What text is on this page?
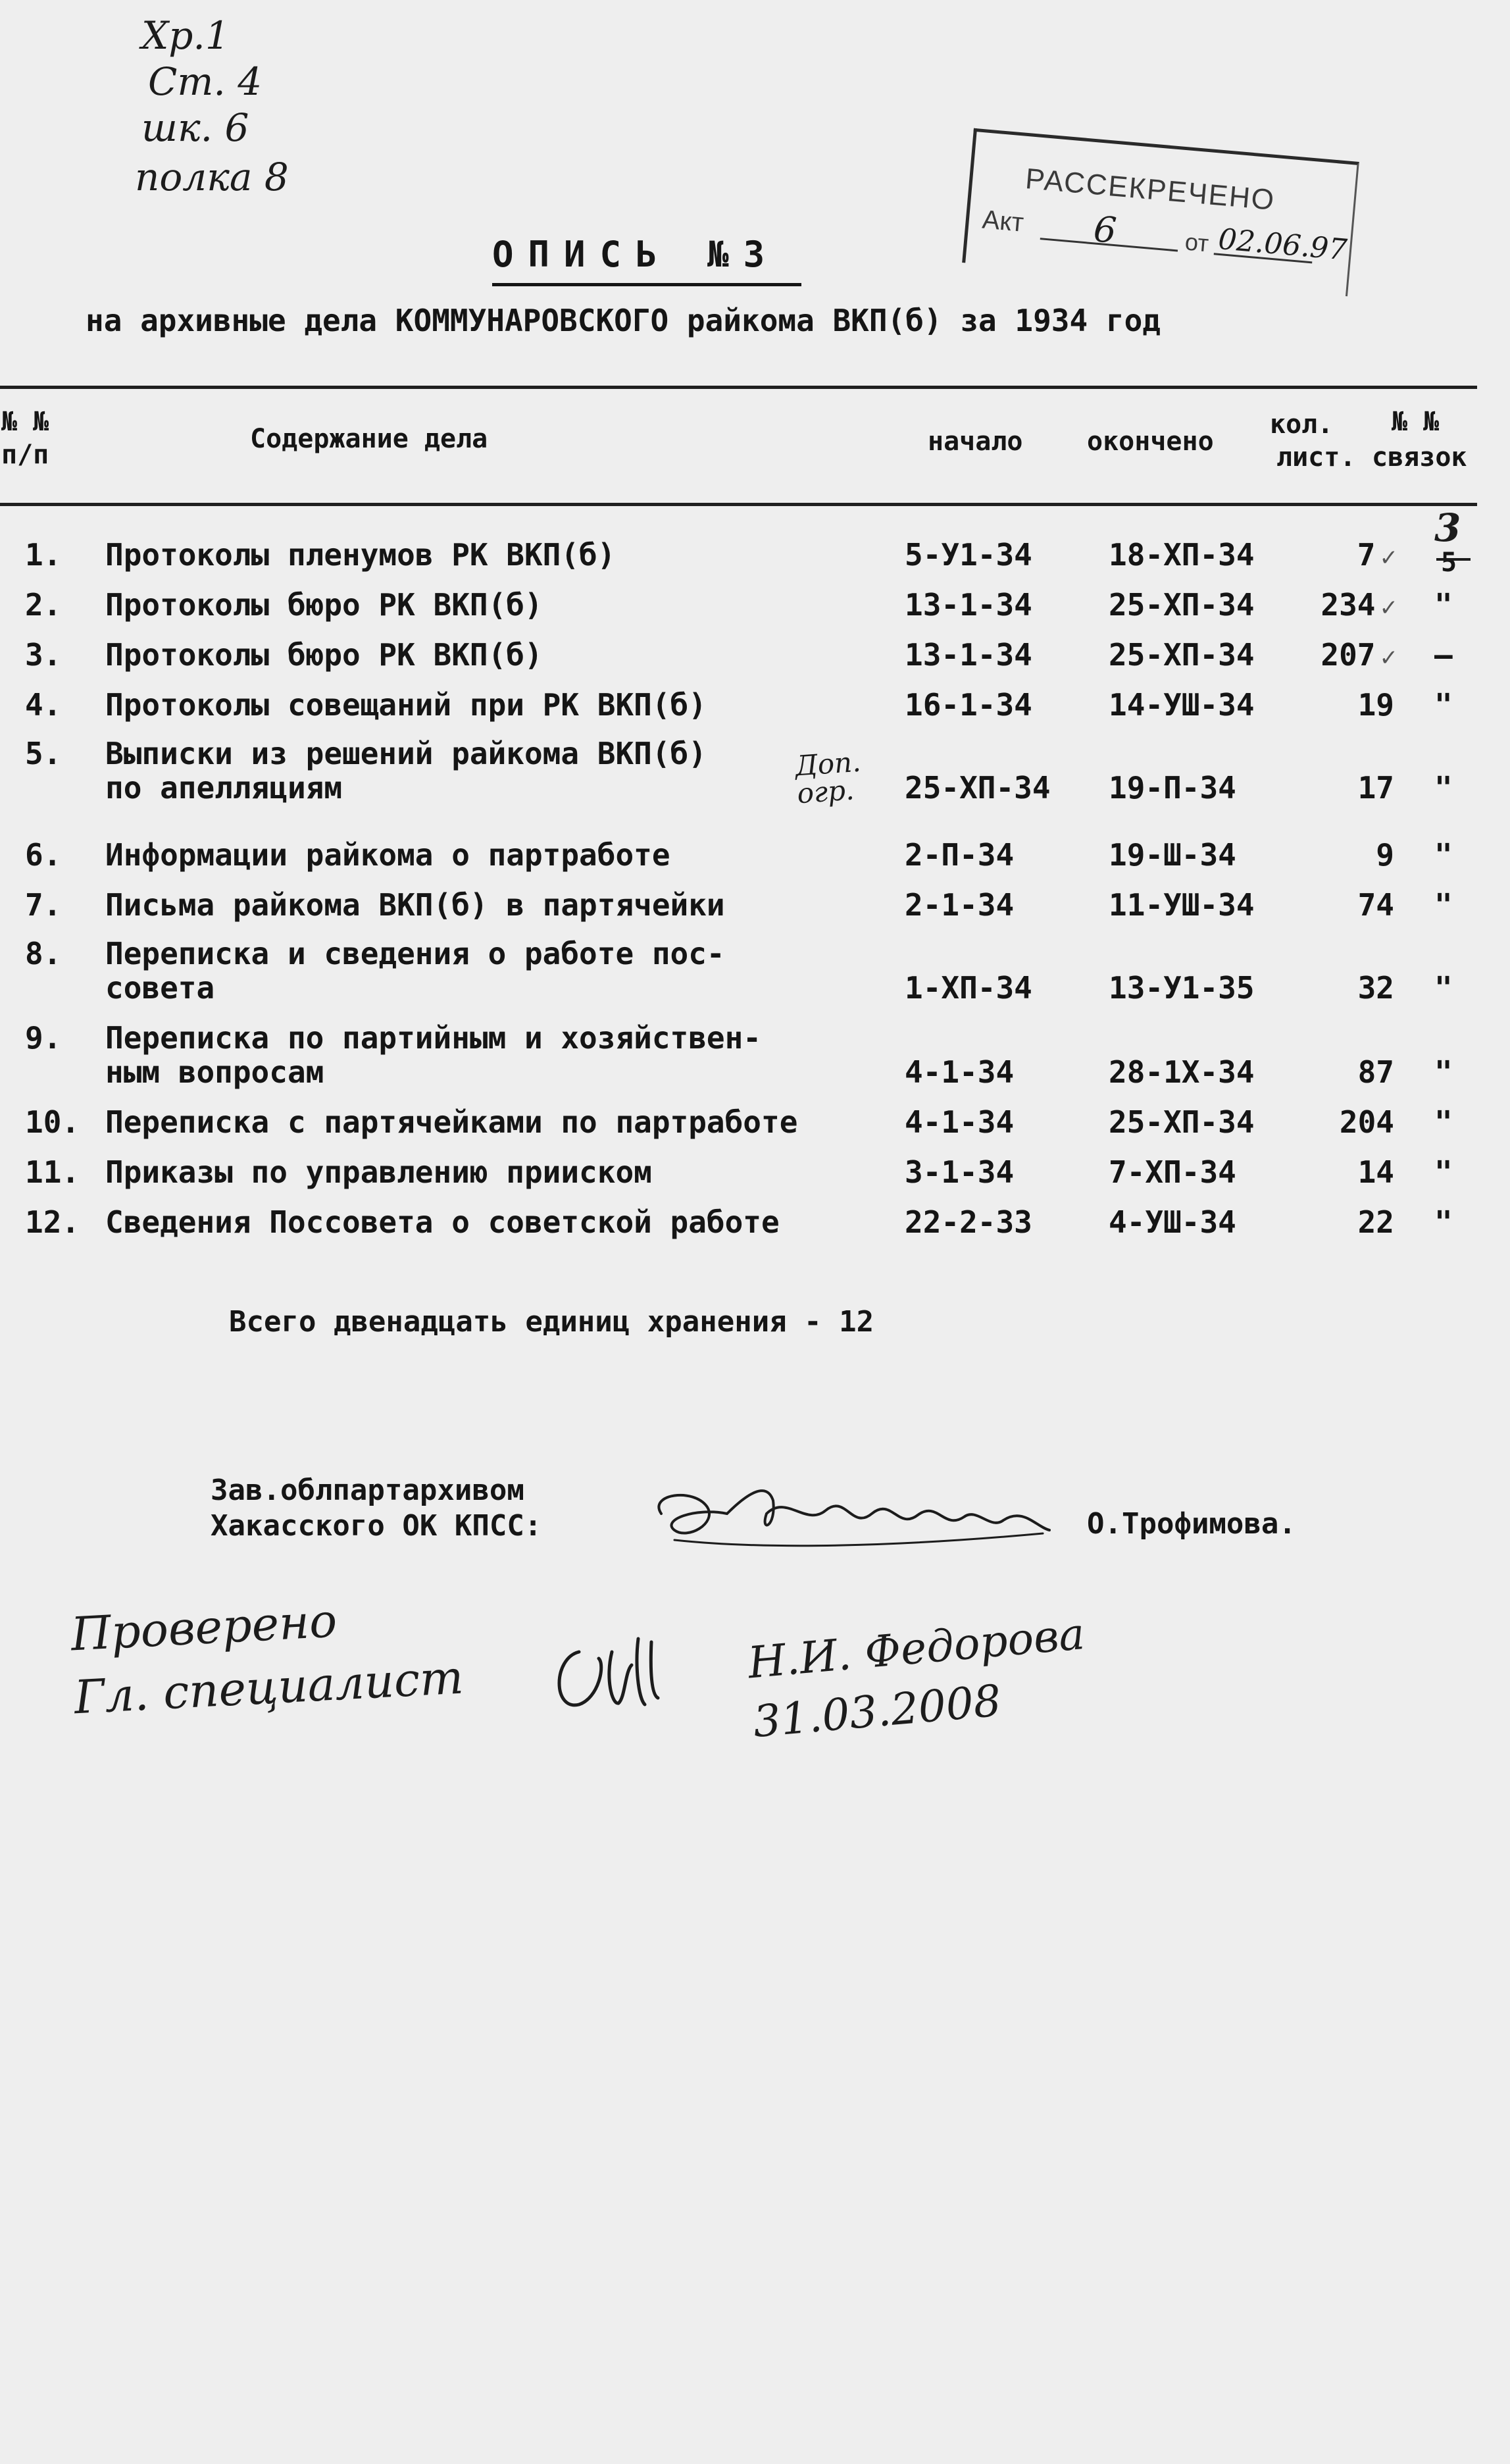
Хр.1
Ст. 4
шк. 6
полка 8	РАССЕКРЕЧЕНО
Акт 6	от 02.06.97
ОПИСЬ №3
на архивные дела КОММУНАРОВСКОГО райкома ВКП(б) за 1934 год
№ №
п/п
Содержание дела	начало окончено
кол.
лист.
№ №
связок
1.	Протоколы пленумов РК ВКП(б)	5-У1-34	18-ХП-34	7 ✓
3
2.	Протоколы бюро РК ВКП(б)	13-1-34	25-ХП-34	234 ✓ "
3.	Протоколы бюро РК ВКП(б)	13-1-34	25-ХП-34	207 ✓ –
4.	Протоколы совещаний при РК ВКП(б)	16-1-34	14-УШ-34	19 "
5.	Выписки из решений райкома ВКП(б)
по апелляциям	25-ХП-34 19-П-34	17 "
6.	Информации райкома о партработе	2-П-34	19-Ш-34	9 "
7.	Письма райкома ВКП(б) в партячейки	2-1-34	11-УШ-34	74 "
8.	Переписка и сведения о работе пос-
совета	1-ХП-34	13-У1-35	32 "
9.	Переписка по партийным и хозяйствен-
ным вопросам	4-1-34	28-1Х-34	87 "
10. Переписка с партячейками по партработе	4-1-34	25-ХП-34	204 "
11. Приказы по управлению прииском	3-1-34	7-ХП-34	14 "
12. Сведения Поссовета о советской работе	22-2-33	4-УШ-34	22 "
Доп.
огр.
5
Всего двенадцать единиц хранения - 12
Зав.облпартархивом
Хакасского ОК КПСС:	О.Трофимова.
Проверено
Гл. специалист	Н.И. Федорова
31.03.2008
